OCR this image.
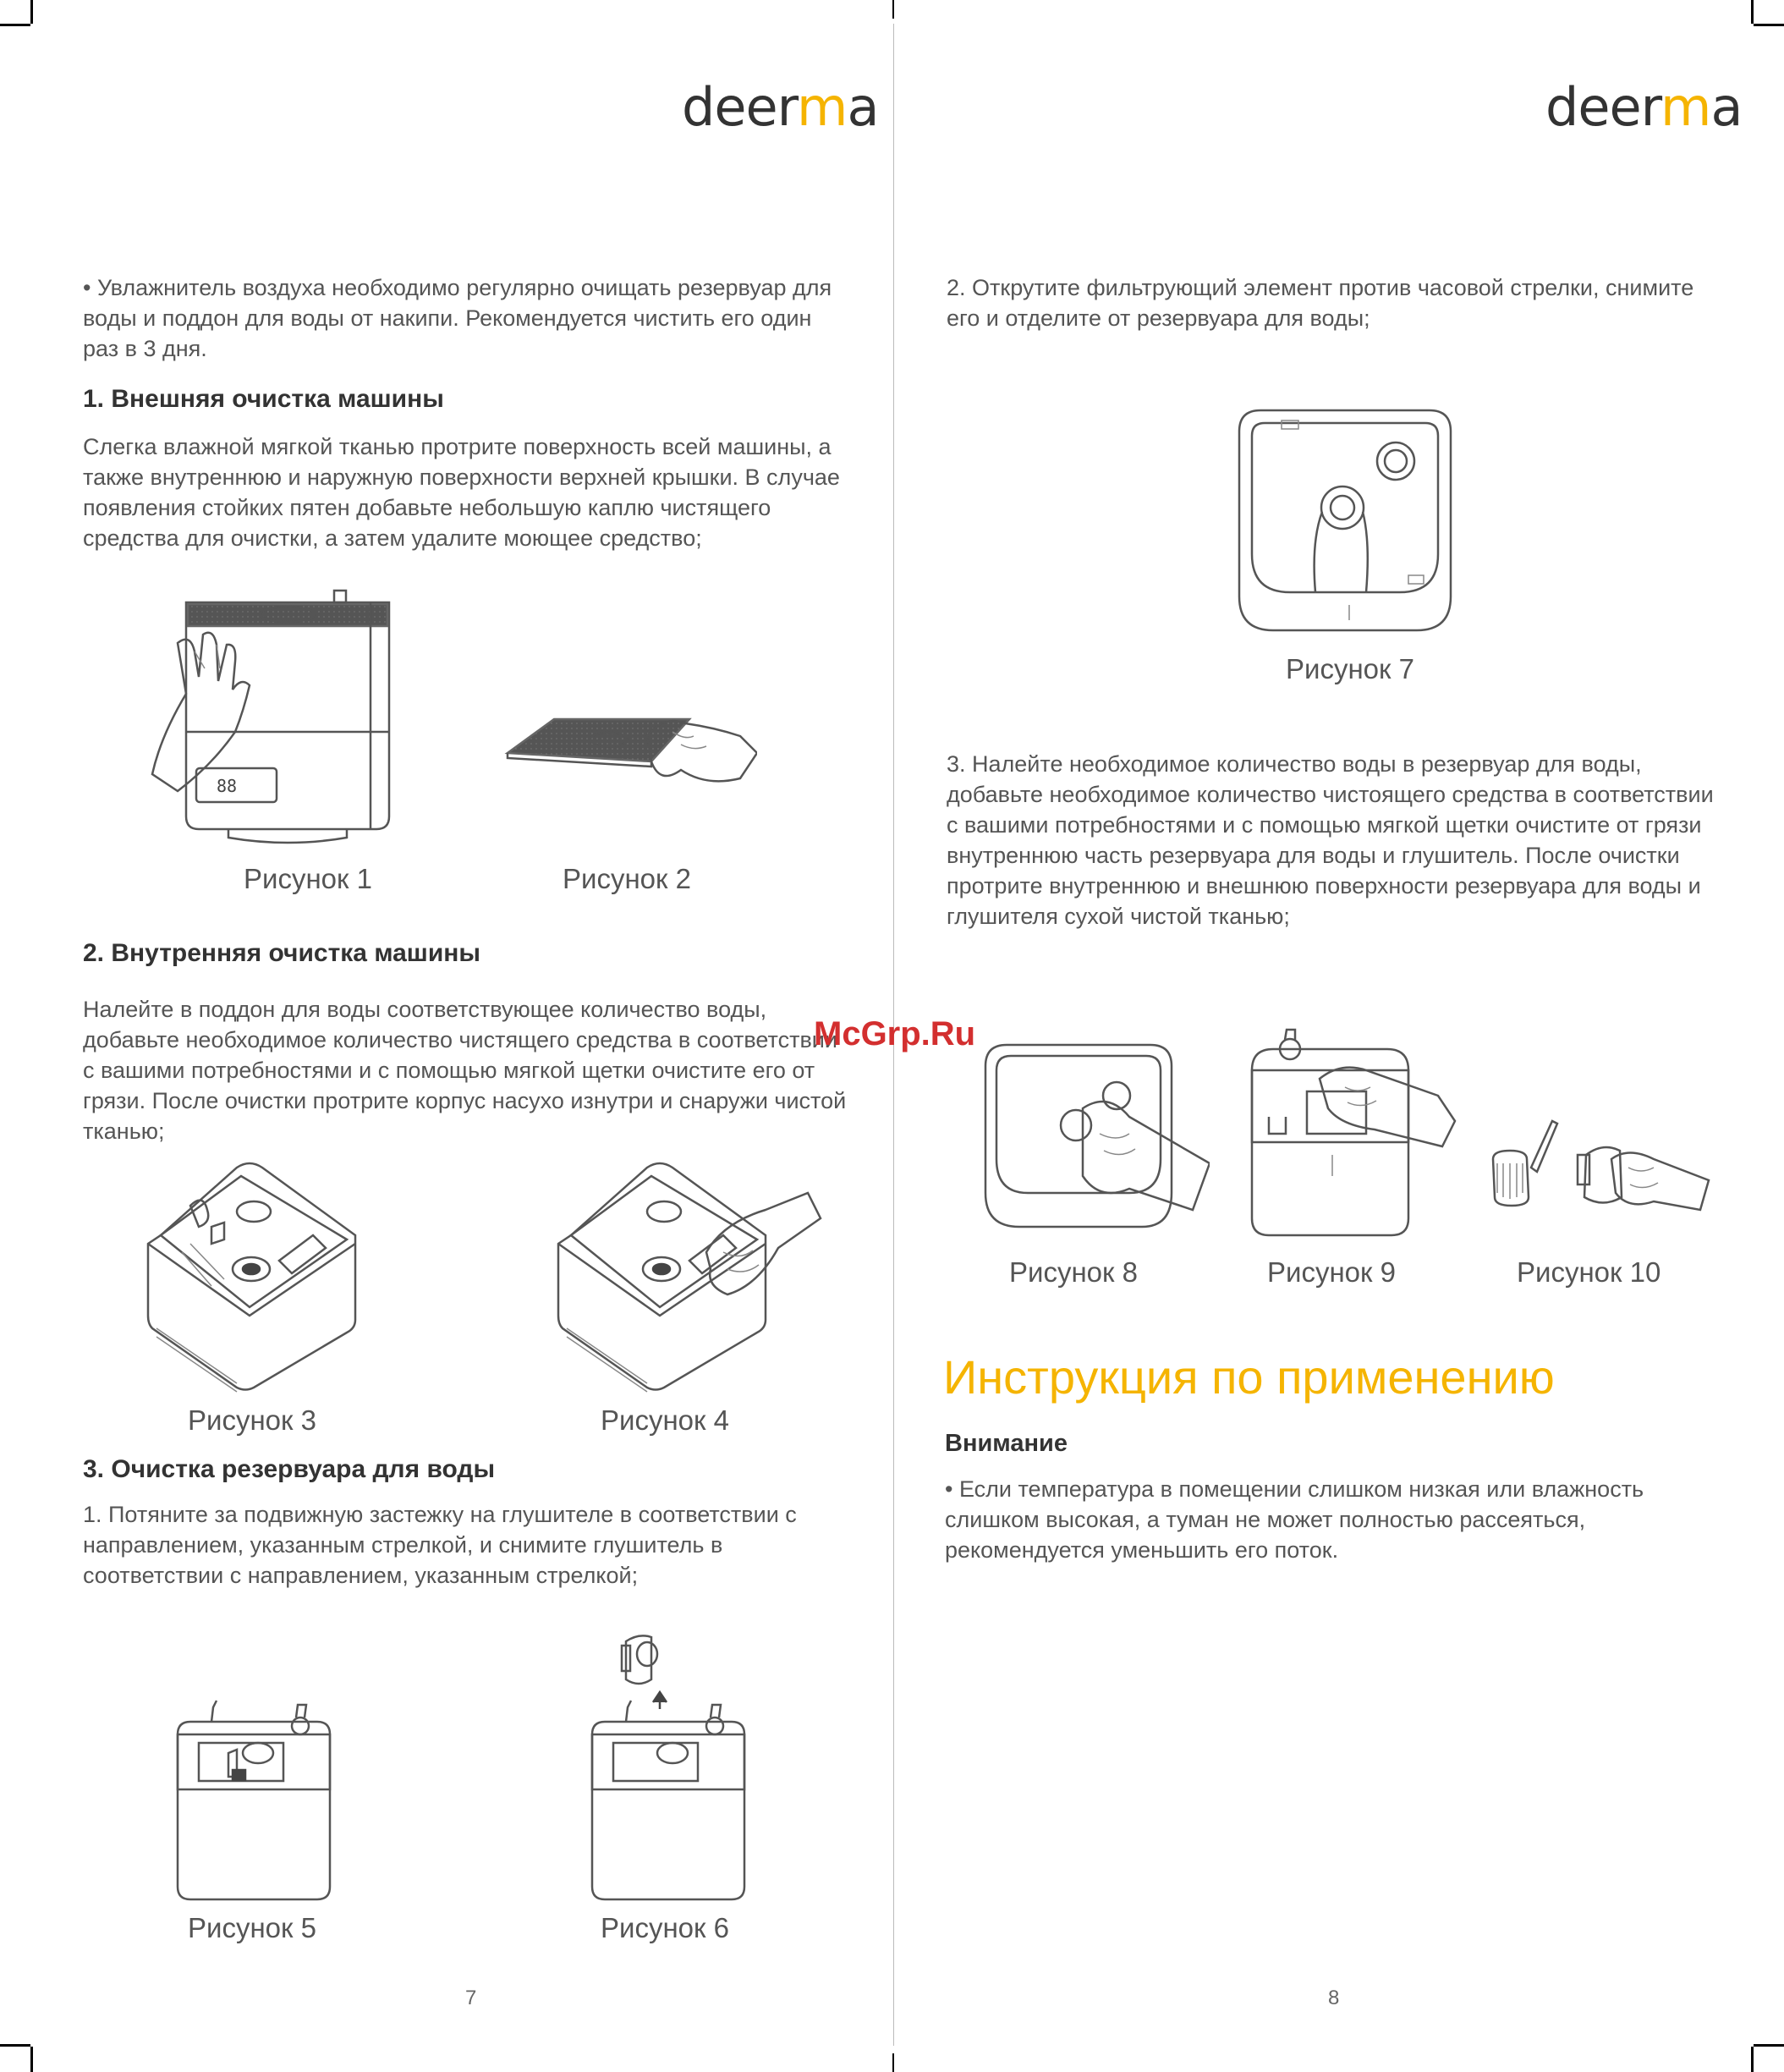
deerma	deerma
• Увлажнитель воздуха необходимо регулярно очищать резервуар для воды и поддон для воды от накипи. Рекомендуется чистить его один раз в 3 дня.
1. Внешняя очистка машины
Слегка влажной мягкой тканью протрите поверхность всей машины, а также внутреннюю и наружную поверхности верхней крышки. В случае появления стойких пятен добавьте небольшую каплю чистящего средства для очистки, а затем удалите моющее средство;
88
Рисунок 1	Рисунок 2
2. Внутренняя очистка машины
Налейте в поддон для воды соответствующее количество воды, добавьте необходимое количество чистящего средства в соответствии с вашими потребностями и с помощью мягкой щетки очистите его от грязи. После очистки протрите корпус насухо изнутри и снаружи чистой тканью;
Рисунок 3	Рисунок 4
3. Очистка резервуара для воды
1. Потяните за подвижную застежку на глушителе в соответствии с направлением, указанным стрелкой, и снимите глушитель в соответствии с направлением, указанным стрелкой;
Рисунок 5	Рисунок 6
7
2. Открутите фильтрующий элемент против часовой стрелки, снимите его и отделите от резервуара для воды;
Рисунок 7
3. Налейте необходимое количество воды в резервуар для воды, добавьте необходимое количество чистоящего средства в соответствии с вашими потребностями и с помощью мягкой щетки очистите от грязи внутреннюю часть резервуара для воды и глушитель. После очистки протрите внутреннюю и внешнюю поверхности резервуара для воды и глушителя сухой чистой тканью;
Рисунок 8	Рисунок 9	Рисунок 10
Инструкция по применению
Внимание
• Если температура в помещении слишком низкая или влажность слишком высокая, а туман не может полностью рассеяться, рекомендуется уменьшить его поток.
8
McGrp.Ru
